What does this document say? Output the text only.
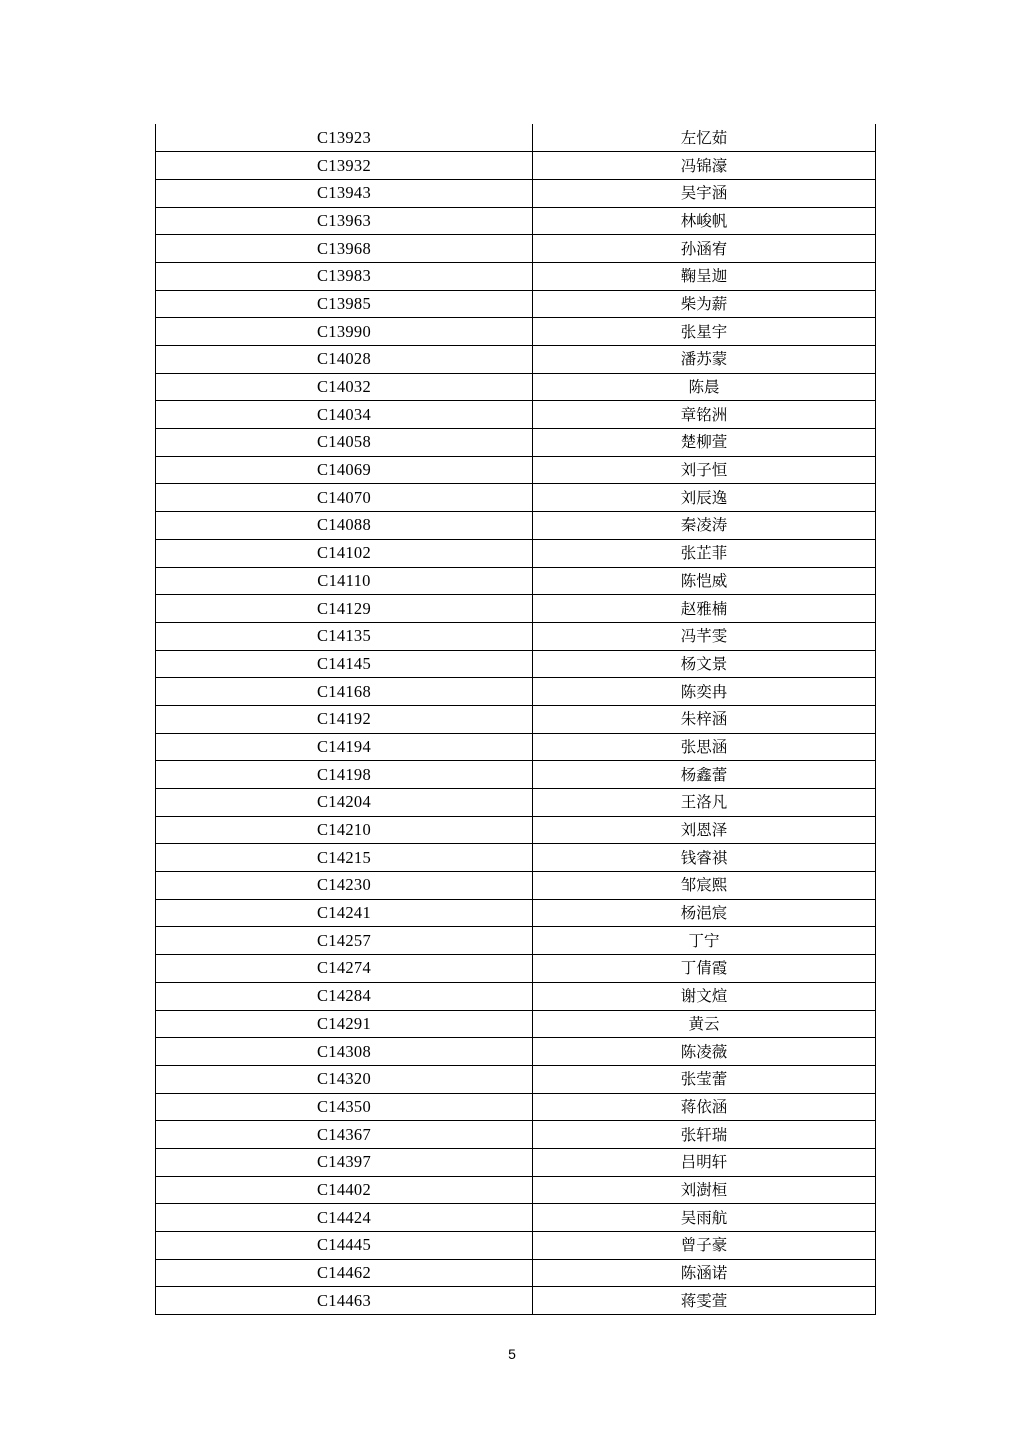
C13923	左忆茹
C13932	冯锦濠
C13943	吴宇涵
C13963	林峻帆
C13968	孙涵宥
C13983	鞠呈迦
C13985	柴为薪
C13990	张星宇
C14028	潘苏蒙
C14032	陈晨
C14034	章铭洲
C14058	楚柳萱
C14069	刘子恒
C14070	刘辰逸
C14088	秦凌涛
C14102	张芷菲
C14110	陈恺威
C14129	赵雅楠
C14135	冯芊雯
C14145	杨文景
C14168	陈奕冉
C14192	朱梓涵
C14194	张思涵
C14198	杨鑫蕾
C14204	王洛凡
C14210	刘恩泽
C14215	钱睿祺
C14230	邹宸熙
C14241	杨浥宸
C14257	丁宁
C14274	丁倩霞
C14284	谢文煊
C14291	黄云
C14308	陈凌薇
C14320	张莹蕾
C14350	蒋依涵
C14367	张轩瑞
C14397	吕明轩
C14402	刘澍桓
C14424	吴雨航
C14445	曾子豪
C14462	陈涵诺
C14463	蒋雯萱
5
